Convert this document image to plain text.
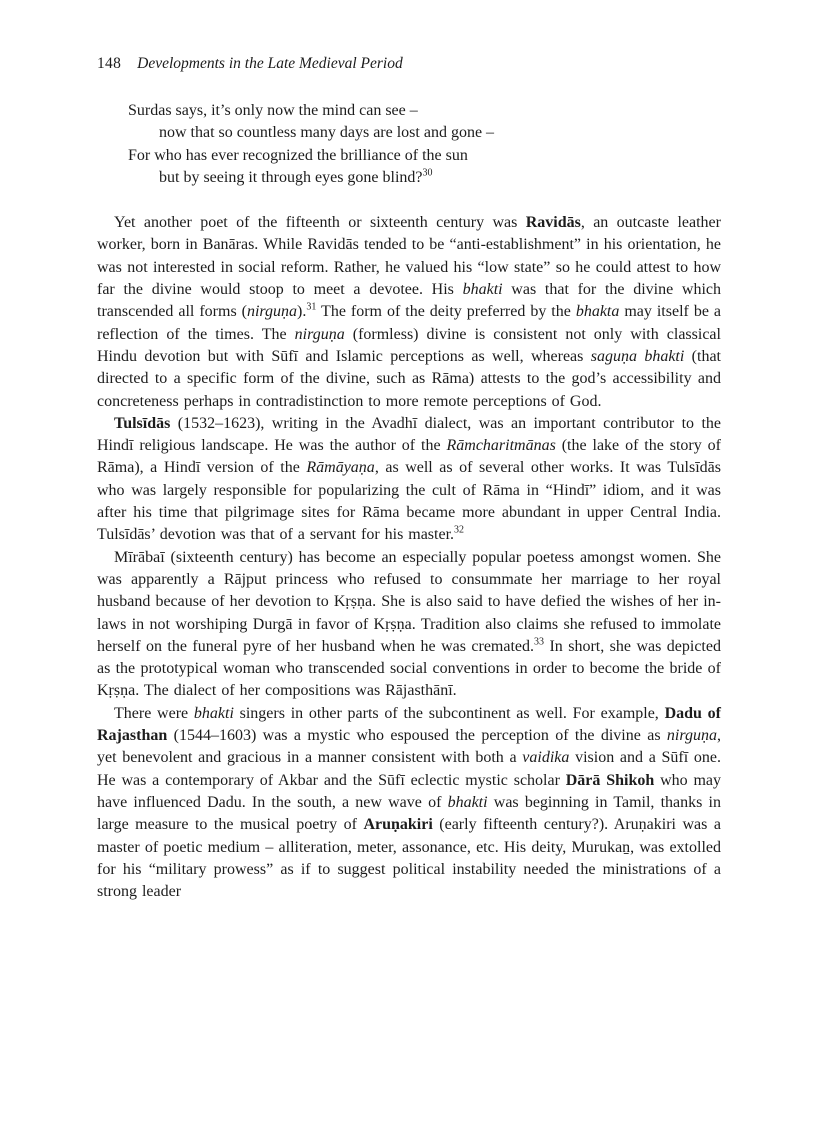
148 Developments in the Late Medieval Period
Surdas says, it’s only now the mind can see –
now that so countless many days are lost and gone –
For who has ever recognized the brilliance of the sun
but by seeing it through eyes gone blind?$^{30}$

Yet another poet of the fifteenth or sixteenth century was Ravidās, an outcaste leather worker, born in Banāras. While Ravidās tended to be “anti-establishment” in his orientation, he was not interested in social reform. Rather, he valued his “low state” so he could attest to how far the divine would stoop to meet a devotee. His bhakti was that for the divine which transcended all forms (nirguṇa).$^{31}$ The form of the deity preferred by the bhakta may itself be a reflection of the times. The nirguṇa (formless) divine is consistent not only with classical Hindu devotion but with Sūfī and Islamic perceptions as well, whereas saguṇa bhakti (that directed to a specific form of the divine, such as Rāma) attests to the god’s accessibility and concreteness perhaps in contradistinction to more remote perceptions of God.

Tulsīdās (1532–1623), writing in the Avadhī dialect, was an important contributor to the Hindī religious landscape. He was the author of the Rāmcharitmānas (the lake of the story of Rāma), a Hindī version of the Rāmāyaṇa, as well as of several other works. It was Tulsīdās who was largely responsible for popularizing the cult of Rāma in “Hindī” idiom, and it was after his time that pilgrimage sites for Rāma became more abundant in upper Central India. Tulsīdās’ devotion was that of a servant for his master.$^{32}$

Mīrābaī (sixteenth century) has become an especially popular poetess amongst women. She was apparently a Rājput princess who refused to consummate her marriage to her royal husband because of her devotion to Kṛṣṇa. She is also said to have defied the wishes of her in-laws in not worshiping Durgā in favor of Kṛṣṇa. Tradition also claims she refused to immolate herself on the funeral pyre of her husband when he was cremated.$^{33}$ In short, she was depicted as the prototypical woman who transcended social conventions in order to become the bride of Kṛṣṇa. The dialect of her compositions was Rājasthānī.

There were bhakti singers in other parts of the subcontinent as well. For example, Dadu of Rajasthan (1544–1603) was a mystic who espoused the perception of the divine as nirguṇa, yet benevolent and gracious in a manner consistent with both a vaidika vision and a Sūfī one. He was a contemporary of Akbar and the Sūfī eclectic mystic scholar Dārā Shikoh who may have influenced Dadu. In the south, a new wave of bhakti was beginning in Tamil, thanks in large measure to the musical poetry of Aruṇakiri (early fifteenth century?). Aruṇakiri was a master of poetic medium – alliteration, meter, assonance, etc. His deity, Murukaṉ, was extolled for his “military prowess” as if to suggest political instability needed the ministrations of a strong leader
